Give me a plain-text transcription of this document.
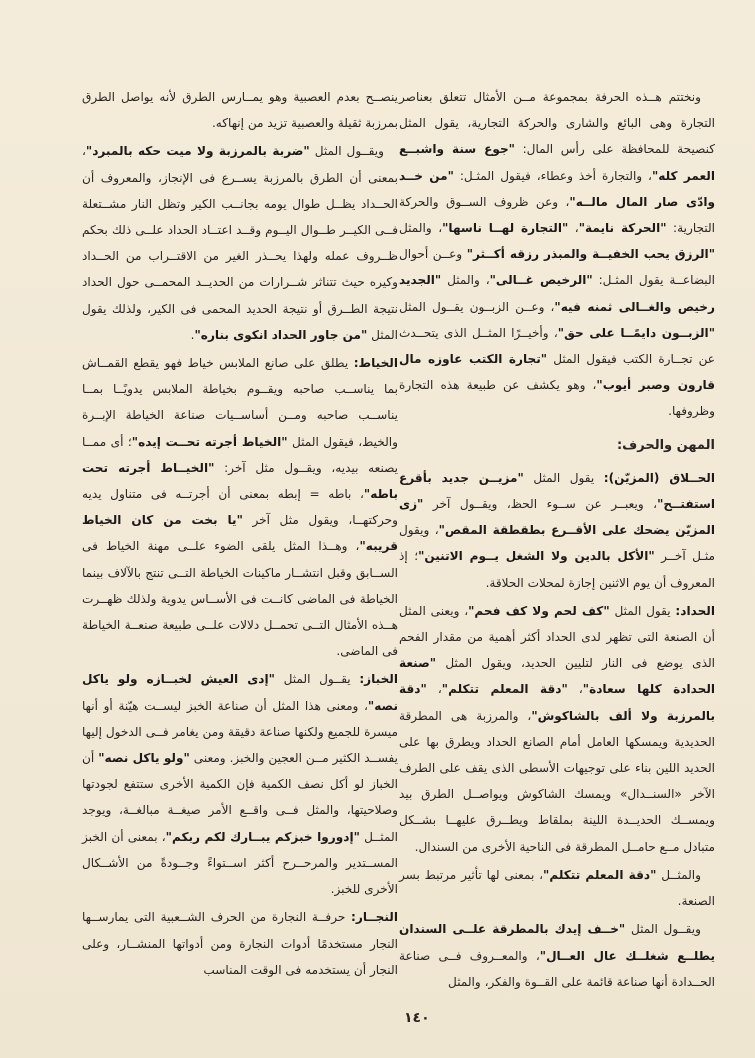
ونختتم هــذه الحرفة بمجموعة مــن الأمثال تتعلق بعناصر التجارة وهى البائع والشارى والحركة التجارية، يقول المثل كنصيحة للمحافظة على رأس المال: "جوع سنة واشبــع العمر كله"، والتجارة أخذ وعطاء، فيقول المثـل: "من خــد وادّى صار المال مالــه"، وعن ظروف الســوق والحركة التجارية: "الحركة نايمة"، "التجارة لهــا ناسها"، والمثل "الرزق يحب الخفيــة والمبذر رزقه أكــثر" وعــن أحوال البضاعــة يقول المثـل: "الرخيص غــالى"، والمثل "الجديد رخيص والغــالى ثمنه فيه"، وعــن الزبــون يقــول المثل "الزبــون دايمًــا على حق"، وأخيــرًا المثــل الذى يتحــدث عن تجــارة الكتب فيقول المثل "تجارة الكتب عاوزه مال قارون وصبر أيوب"، وهو يكشف عن طبيعة هذه التجارة وظروفها.

المهن والحرف:

الحــلاق (المزيّن): يقول المثل "مزيــن جديد بأقرع استفتــح"، ويعبــر عن ســوء الحظ، ويقــول آخر "زى المزيّن يضحك على الأقــرع بطقطقة المقص"، ويقول مثـل آخــر "الأكل بالدين ولا الشغل يــوم الاتنين"؛ إذ المعروف أن يوم الاثنين إجازة لمحلات الحلاقة.

الحداد: يقول المثل "كف لحم ولا كف فحم"، ويعنى المثل أن الصنعة التى تظهر لدى الحداد أكثر أهمية من مقدار الفحم الذى يوضع فى النار لتليين الحديد، ويقول المثل "صنعة الحدادة كلها سعادة"، "دقة المعلم تتكلم"، "دقة بالمرزبة ولا ألف بالشاكوش"، والمرزبة هى المطرقة الحديدية ويمسكها العامل أمام الصانع الحداد ويطرق بها على الحديد اللين بناء على توجيهات الأسطى الذى يقف على الطرف الآخر «السنــدال» ويمسك الشاكوش ويواصــل الطرق بيد ويمســك الحديــدة اللينة بملقاط ويطــرق عليهــا بشــكل متبادل مــع حامــل المطرقة فى الناحية الأخرى من السندال.

والمثــل "دقة المعلم تتكلم"، بمعنى لها تأثير مرتبط بسر الصنعة.

ويقــول المثل "خــف إيدك بالمطرقة علــى السندان يطلــع شغلــك عال العــال"، والمعــروف فــى صناعة الحــدادة أنها صناعة قائمة على القــوة والفكر، والمثل

ينصــح بعدم العصبية وهو يمــارس الطرق لأنه يواصل الطرق بمرزبة ثقيلة والعصبية تزيد من إنهاكه.

ويقــول المثل "ضربة بالمرزبة ولا ميت حكه بالمبرد"، بمعنى أن الطرق بالمرزبة يســرع فى الإنجاز، والمعروف أن الحــداد يظــل طوال يومه بجانــب الكير وتظل النار مشــتعلة فــى الكيــر طــوال اليــوم وقــد اعتــاد الحداد علــى ذلك بحكم ظــروف عمله ولهذا يحــذر الغير من الاقتــراب من الحــداد وكيره حيث تتناثر شــرارات من الحديــد المحمــى حول الحداد نتيجة الطــرق أو نتيجة الحديد المحمى فى الكير، ولذلك يقول المثل "من جاور الحداد انكوى بناره".

الخياط: يطلق على صانع الملابس خياط فهو يقطع القمــاش بما يناســب صاحبه ويقــوم بخياطة الملابس يدويًــا بمــا يناســب صاحبه ومــن أساســيات صناعة الخياطة الإبــرة والخيط، فيقول المثل "الخياط أجرته تحــت إيده"؛ أى ممــا يصنعه بيديه، ويقــول مثل آخر: "الخيــاط أجرته تحت باطه"، باطه = إبطه بمعنى أن أجرتــه فى متناول يديه وحركتهــا، ويقول مثل آخر "يا بخت من كان الخياط قريبه"، وهــذا المثل يلقى الضوء علــى مهنة الخياط فى الســابق وقبل انتشــار ماكينات الخياطة التــى تنتج بالآلاف بينما الخياطة فى الماضى كانــت فى الأســاس يدوية ولذلك ظهــرت هــذه الأمثال التــى تحمــل دلالات علــى طبيعة صنعــة الخياطة فى الماضى.

الخباز: يقــول المثل "إدى العيش لخبــازه ولو ياكل نصه"، ومعنى هذا المثل أن صناعة الخبز ليســت هيّنة أو أنها ميسرة للجميع ولكنها صناعة دقيقة ومن يغامر فــى الدخول إليها يفســد الكثير مــن العجين والخبز. ومعنى "ولو ياكل نصه" أن الخباز لو أكل نصف الكمية فإن الكمية الأخرى ستتفع لجودتها وصلاحيتها، والمثل فــى واقــع الأمر صيغــة مبالغــة، ويوجد المثــل "إدوروا خبزكم يبــارك لكم ربكم"، بمعنى أن الخبز المســتدير والمرحــرح أكثر اســتواءً وجــودةً من الأشــكال الأخرى للخبز.

النجــار: حرفــة النجارة من الحرف الشــعبية التى يمارســها النجار مستخدمًا أدوات النجارة ومن أدواتها المنشــار، وعلى النجار أن يستخدمه فى الوقت المناسب

١٤٠
